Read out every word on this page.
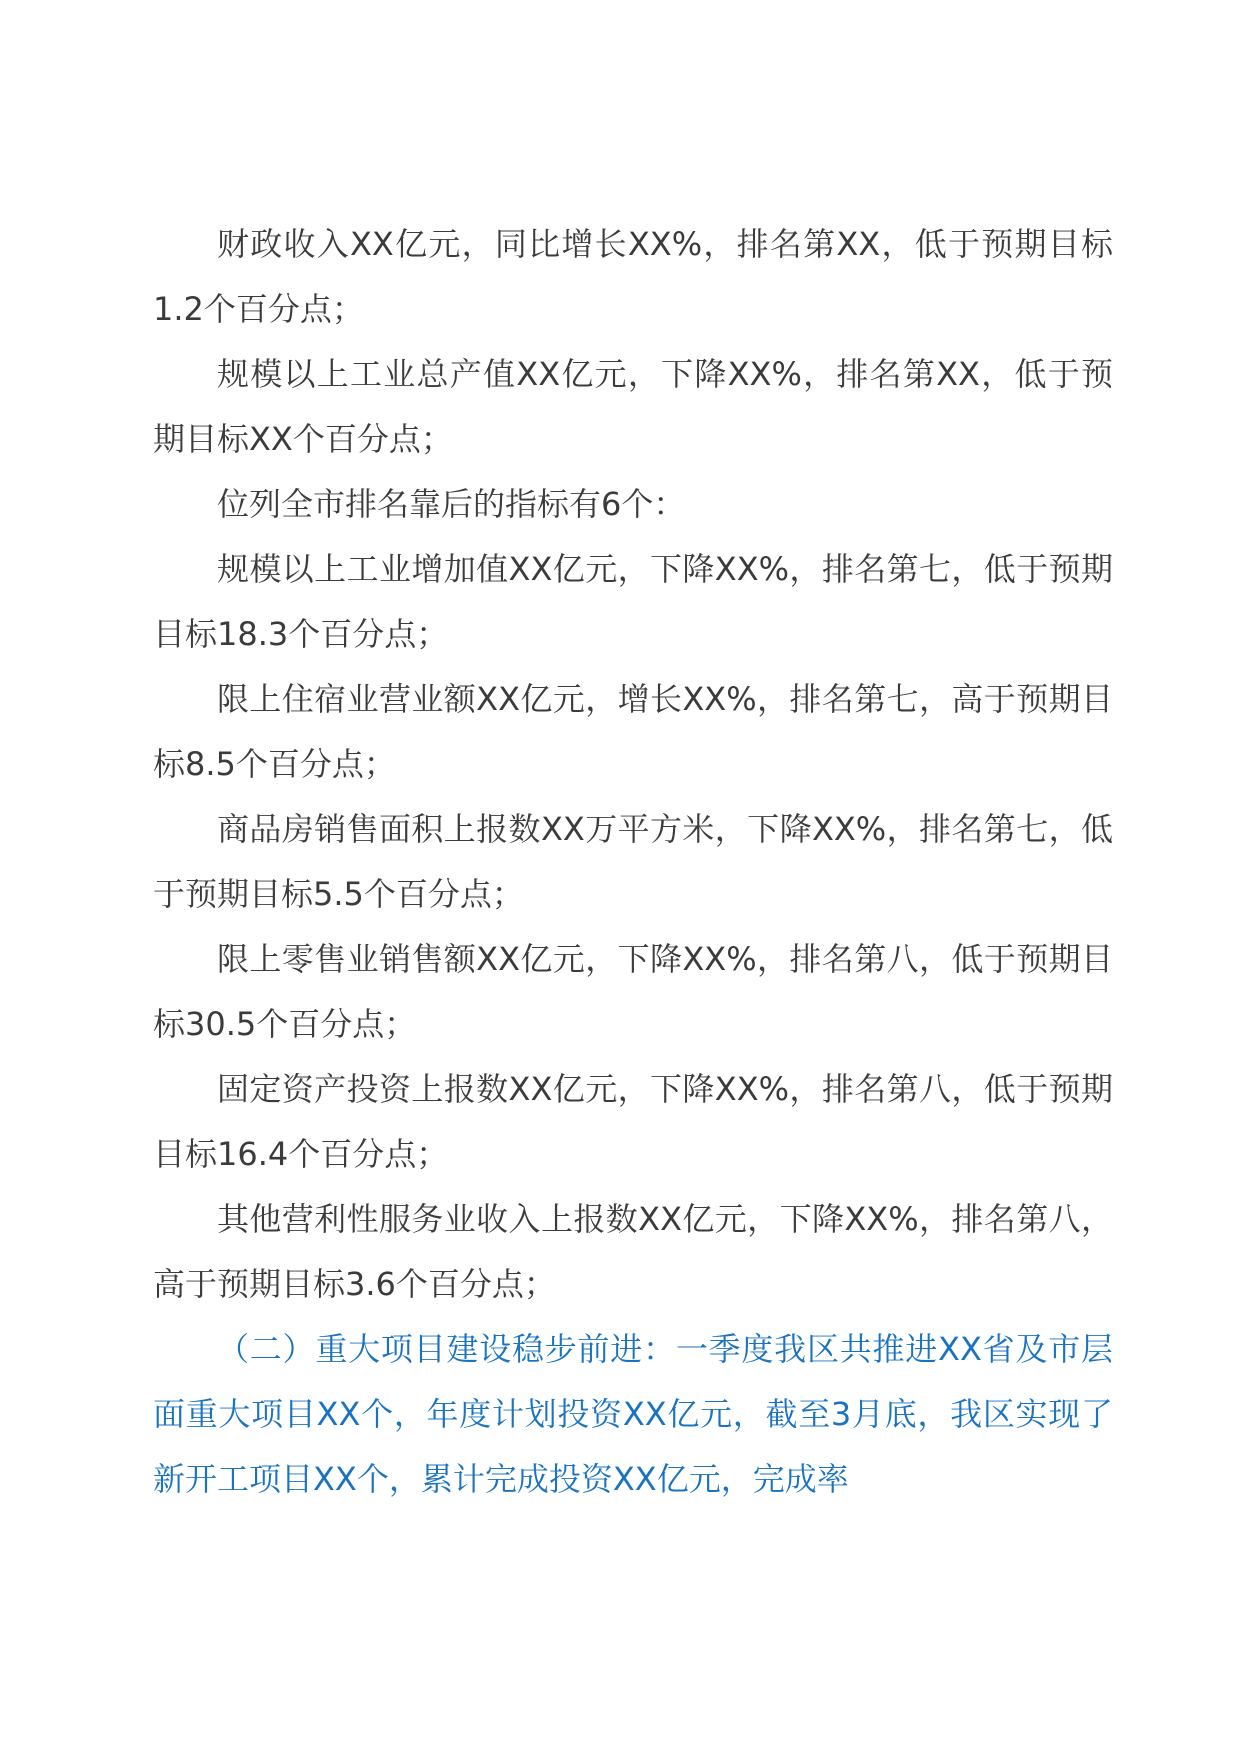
财政收入XX亿元，同比增长XX%，排名第XX，低于预期目标1.2个百分点；

规模以上工业总产值XX亿元，下降XX%，排名第XX，低于预期目标XX个百分点；

位列全市排名靠后的指标有6个：

规模以上工业增加值XX亿元，下降XX%，排名第七，低于预期目标18.3个百分点；

限上住宿业营业额XX亿元，增长XX%，排名第七，高于预期目标8.5个百分点；

商品房销售面积上报数XX万平方米，下降XX%，排名第七，低于预期目标5.5个百分点；

限上零售业销售额XX亿元，下降XX%，排名第八，低于预期目标30.5个百分点；

固定资产投资上报数XX亿元，下降XX%，排名第八，低于预期目标16.4个百分点；

其他营利性服务业收入上报数XX亿元，下降XX%，排名第八，高于预期目标3.6个百分点；

（二）重大项目建设稳步前进：一季度我区共推进XX省及市层面重大项目XX个，年度计划投资XX亿元，截至3月底，我区实现了新开工项目XX个，累计完成投资XX亿元，完成率
